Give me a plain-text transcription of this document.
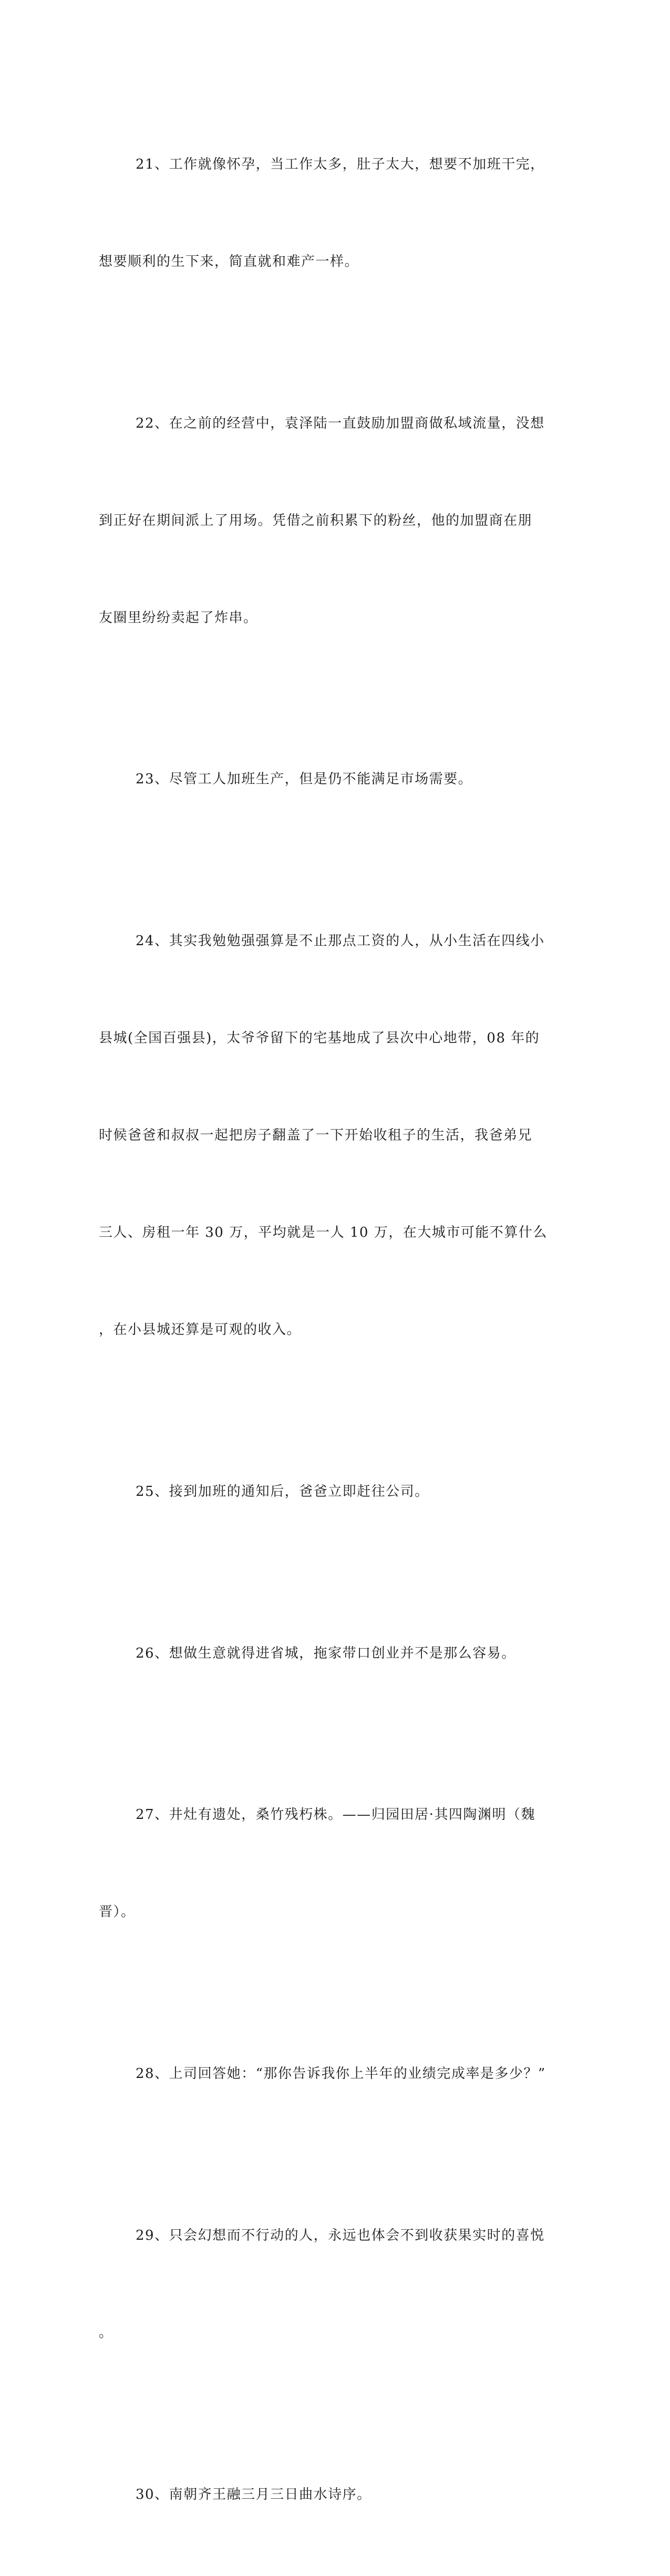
21、工作就像怀孕，当工作太多，肚子太大，想要不加班干完，

想要顺利的生下来，简直就和难产一样。

22、在之前的经营中，袁泽陆一直鼓励加盟商做私域流量，没想

到正好在期间派上了用场。凭借之前积累下的粉丝，他的加盟商在朋

友圈里纷纷卖起了炸串。

23、尽管工人加班生产，但是仍不能满足市场需要。

24、其实我勉勉强强算是不止那点工资的人，从小生活在四线小

县城(全国百强县)，太爷爷留下的宅基地成了县次中心地带，08 年的

时候爸爸和叔叔一起把房子翻盖了一下开始收租子的生活，我爸弟兄

三人、房租一年 30 万，平均就是一人 10 万，在大城市可能不算什么

，在小县城还算是可观的收入。

25、接到加班的通知后，爸爸立即赶往公司。

26、想做生意就得进省城，拖家带口创业并不是那么容易。

27、井灶有遗处，桑竹残朽株。——归园田居·其四陶渊明（魏

晋）。

28、上司回答她：“那你告诉我你上半年的业绩完成率是多少？”

29、只会幻想而不行动的人，永远也体会不到收获果实时的喜悦

。

30、南朝齐王融三月三日曲水诗序。
